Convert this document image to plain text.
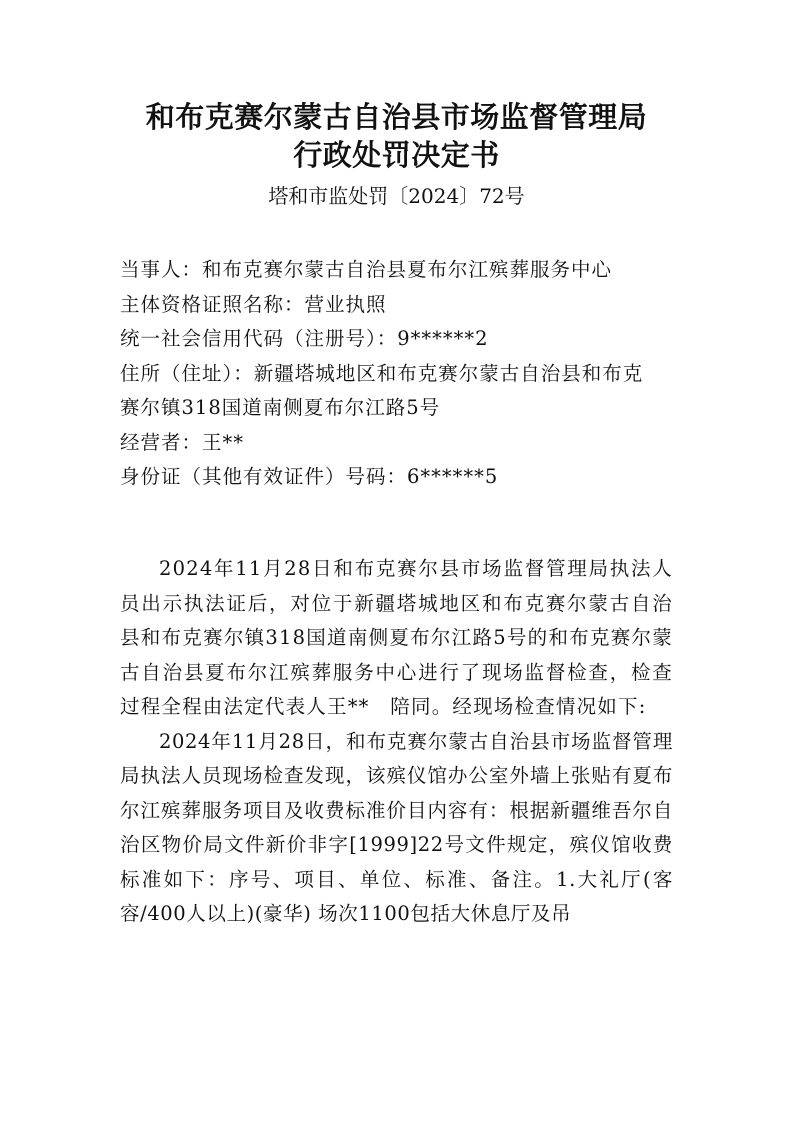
和布克赛尔蒙古自治县市场监督管理局
行政处罚决定书
塔和市监处罚〔2024〕72号
当事人：和布克赛尔蒙古自治县夏布尔江殡葬服务中心
主体资格证照名称：营业执照
统一社会信用代码（注册号）：9******2
住所（住址）：新疆塔城地区和布克赛尔蒙古自治县和布克
赛尔镇318国道南侧夏布尔江路5号
经营者：王**
身份证（其他有效证件）号码：6******5

2024年11月28日和布克赛尔县市场监督管理局执法人员出示执法证后，对位于新疆塔城地区和布克赛尔蒙古自治县和布克赛尔镇318国道南侧夏布尔江路5号的和布克赛尔蒙古自治县夏布尔江殡葬服务中心进行了现场监督检查，检查过程全程由法定代表人王**　陪同。经现场检查情况如下:

2024年11月28日，和布克赛尔蒙古自治县市场监督管理局执法人员现场检查发现，该殡仪馆办公室外墙上张贴有夏布尔江殡葬服务项目及收费标准价目内容有：根据新疆维吾尔自治区物价局文件新价非字[1999]22号文件规定，殡仪馆收费标准如下：序号、项目、单位、标准、备注。1.大礼厅(客容/400人以上)(豪华) 场次1100包括大休息厅及吊
